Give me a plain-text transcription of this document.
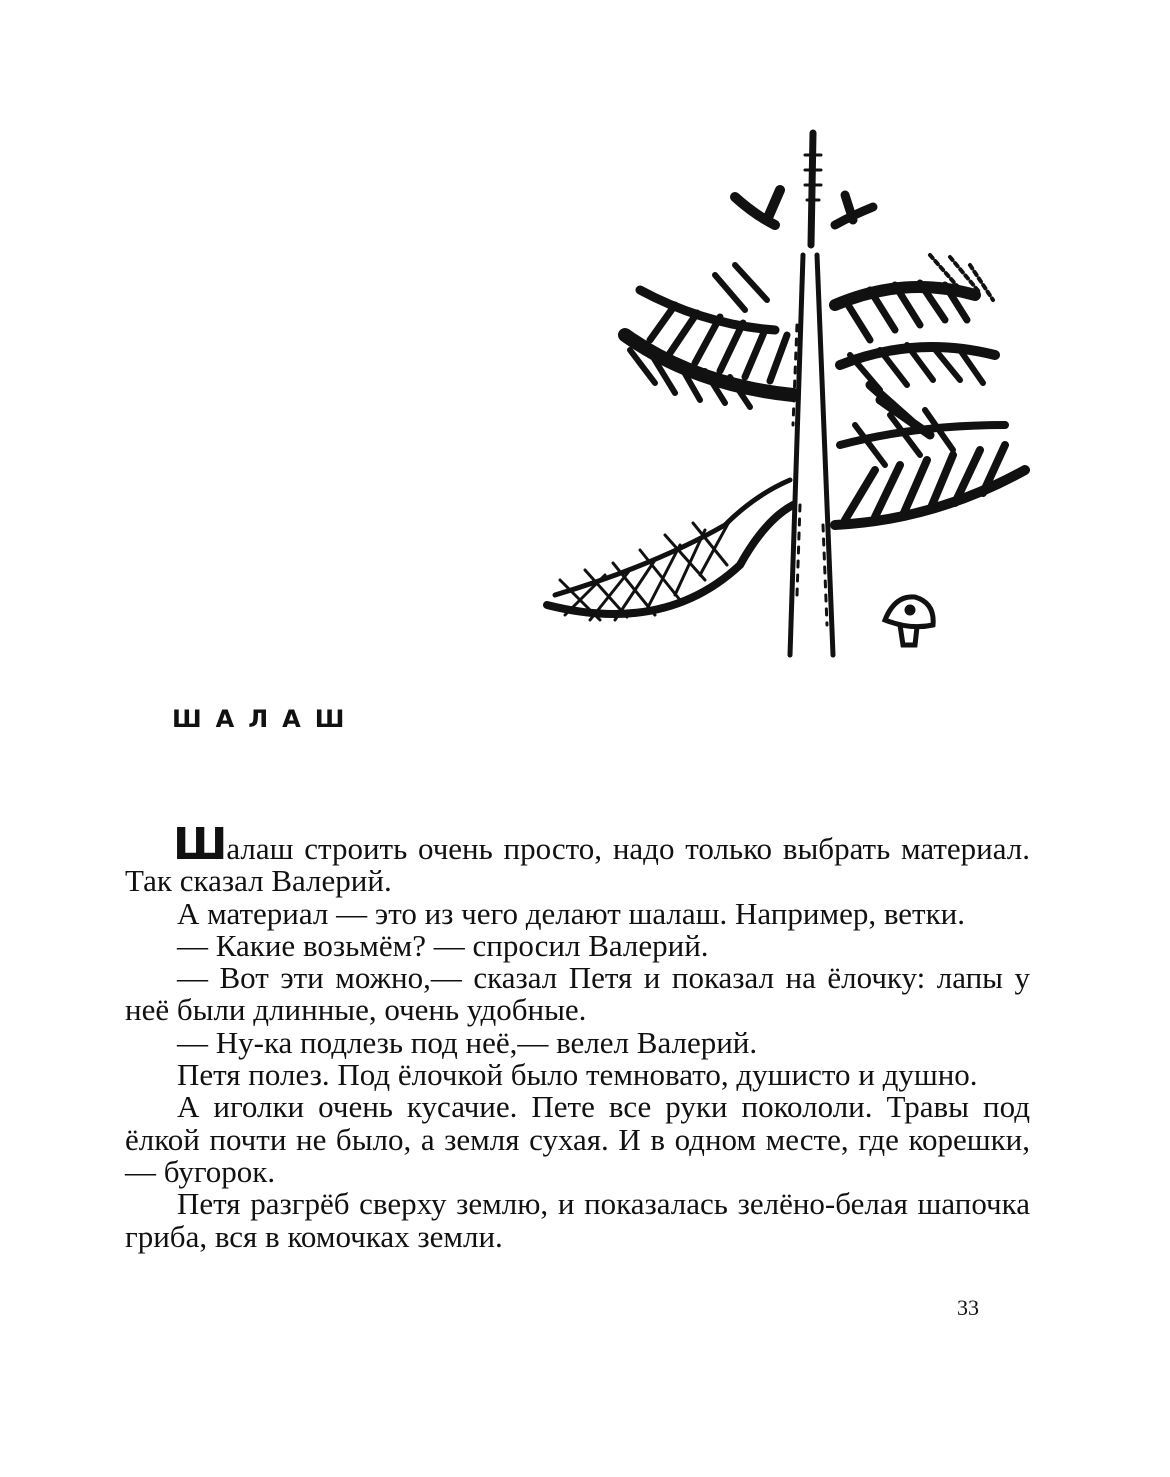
ШАЛАШ

Шалаш строить очень просто, надо только выбрать материал. Так сказал Валерий.

А материал — это из чего делают шалаш. Например, ветки.

— Какие возьмём? — спросил Валерий.

— Вот эти можно,— сказал Петя и показал на ёлочку: лапы у неё были длинные, очень удобные.

— Ну-ка подлезь под неё,— велел Валерий.

Петя полез. Под ёлочкой было темновато, душисто и душно.

А иголки очень кусачие. Пете все руки покололи. Травы под ёлкой почти не было, а земля сухая. И в одном месте, где корешки,— бугорок.

Петя разгрёб сверху землю, и показалась зелёно-белая шапочка гриба, вся в комочках земли.

33
